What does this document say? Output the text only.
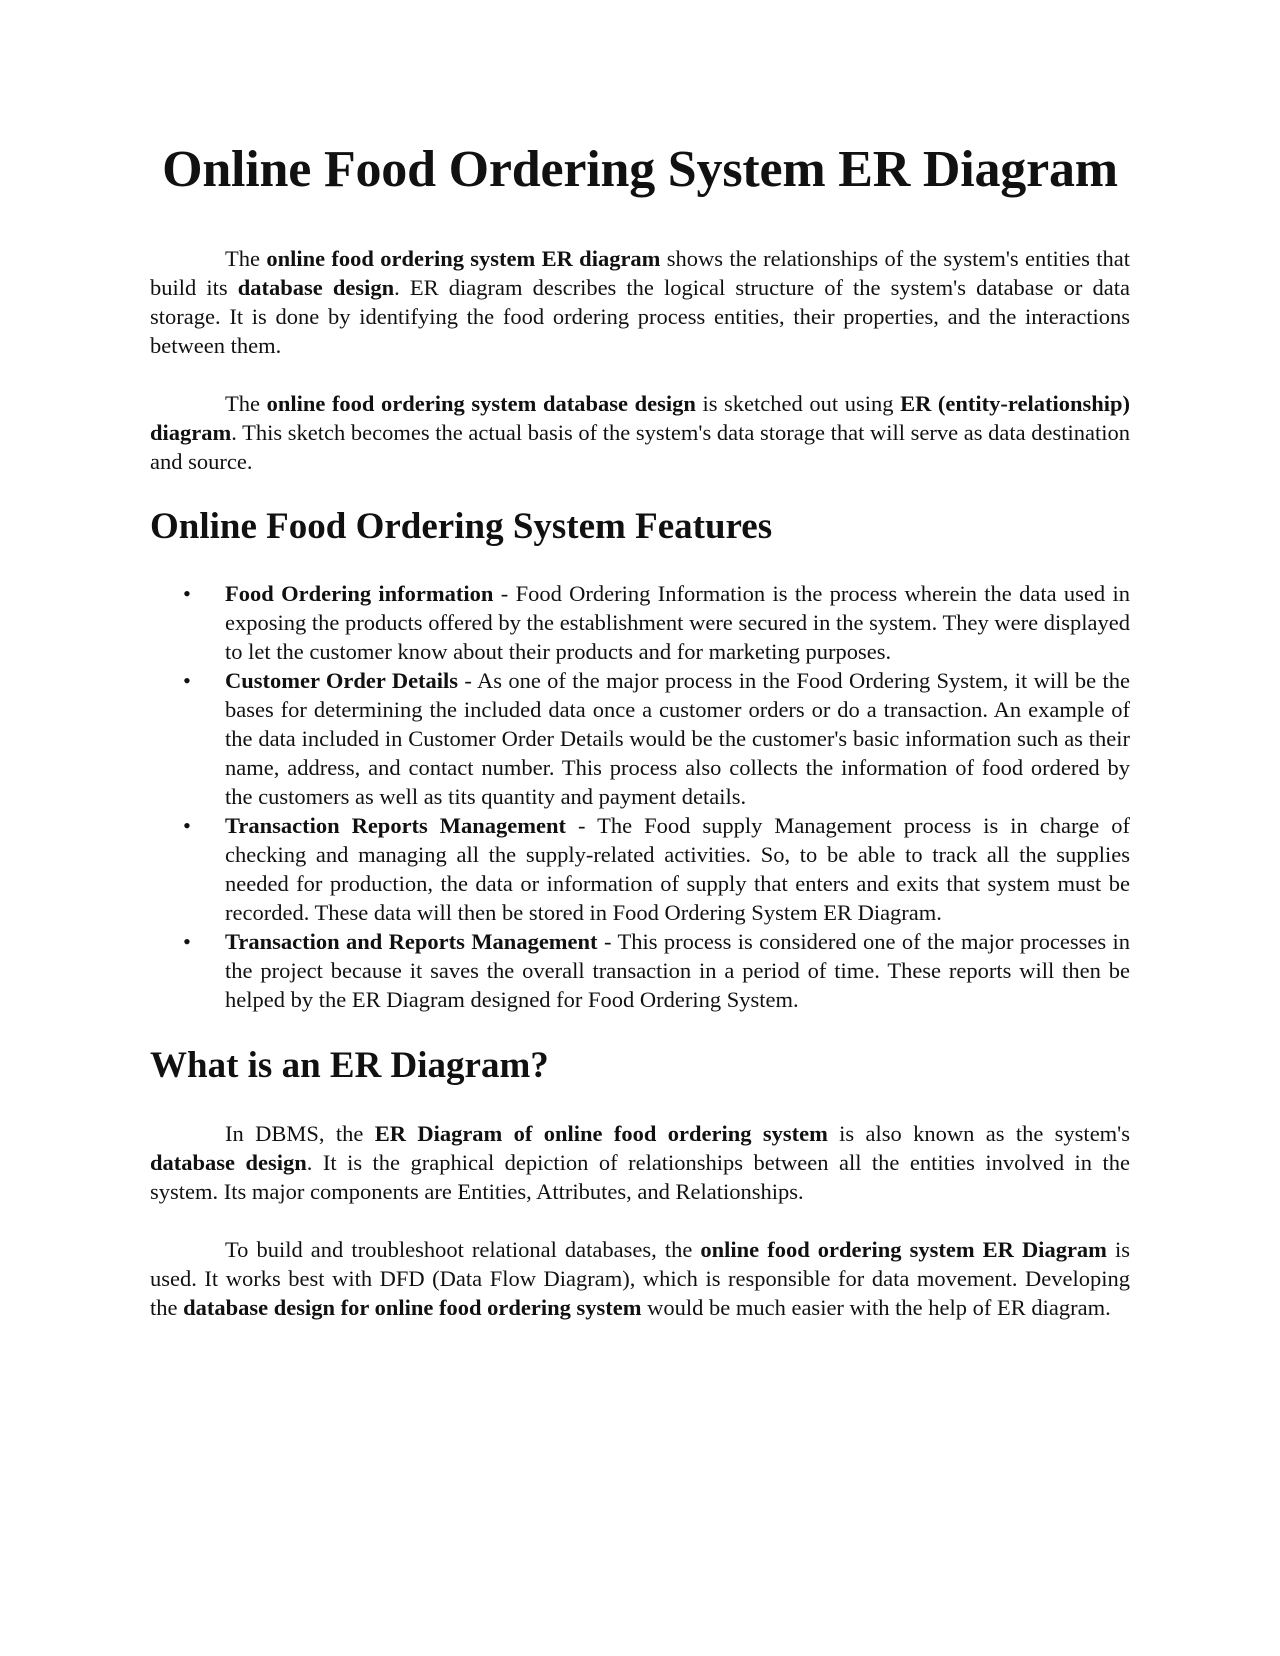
Online Food Ordering System ER Diagram

The online food ordering system ER diagram shows the relationships of the system's entities that build its database design. ER diagram describes the logical structure of the system's database or data storage. It is done by identifying the food ordering process entities, their properties, and the interactions between them.

The online food ordering system database design is sketched out using ER (entity-relationship) diagram. This sketch becomes the actual basis of the system's data storage that will serve as data destination and source.

Online Food Ordering System Features
• Food Ordering information - Food Ordering Information is the process wherein the data used in exposing the products offered by the establishment were secured in the system. They were displayed to let the customer know about their products and for marketing purposes.
• Customer Order Details - As one of the major process in the Food Ordering System, it will be the bases for determining the included data once a customer orders or do a transaction. An example of the data included in Customer Order Details would be the customer's basic information such as their name, address, and contact number. This process also collects the information of food ordered by the customers as well as tits quantity and payment details.
• Transaction Reports Management - The Food supply Management process is in charge of checking and managing all the supply-related activities. So, to be able to track all the supplies needed for production, the data or information of supply that enters and exits that system must be recorded. These data will then be stored in Food Ordering System ER Diagram.
• Transaction and Reports Management - This process is considered one of the major processes in the project because it saves the overall transaction in a period of time. These reports will then be helped by the ER Diagram designed for Food Ordering System.
What is an ER Diagram?

In DBMS, the ER Diagram of online food ordering system is also known as the system's database design. It is the graphical depiction of relationships between all the entities involved in the system. Its major components are Entities, Attributes, and Relationships.

To build and troubleshoot relational databases, the online food ordering system ER Diagram is used. It works best with DFD (Data Flow Diagram), which is responsible for data movement. Developing the database design for online food ordering system would be much easier with the help of ER diagram.
